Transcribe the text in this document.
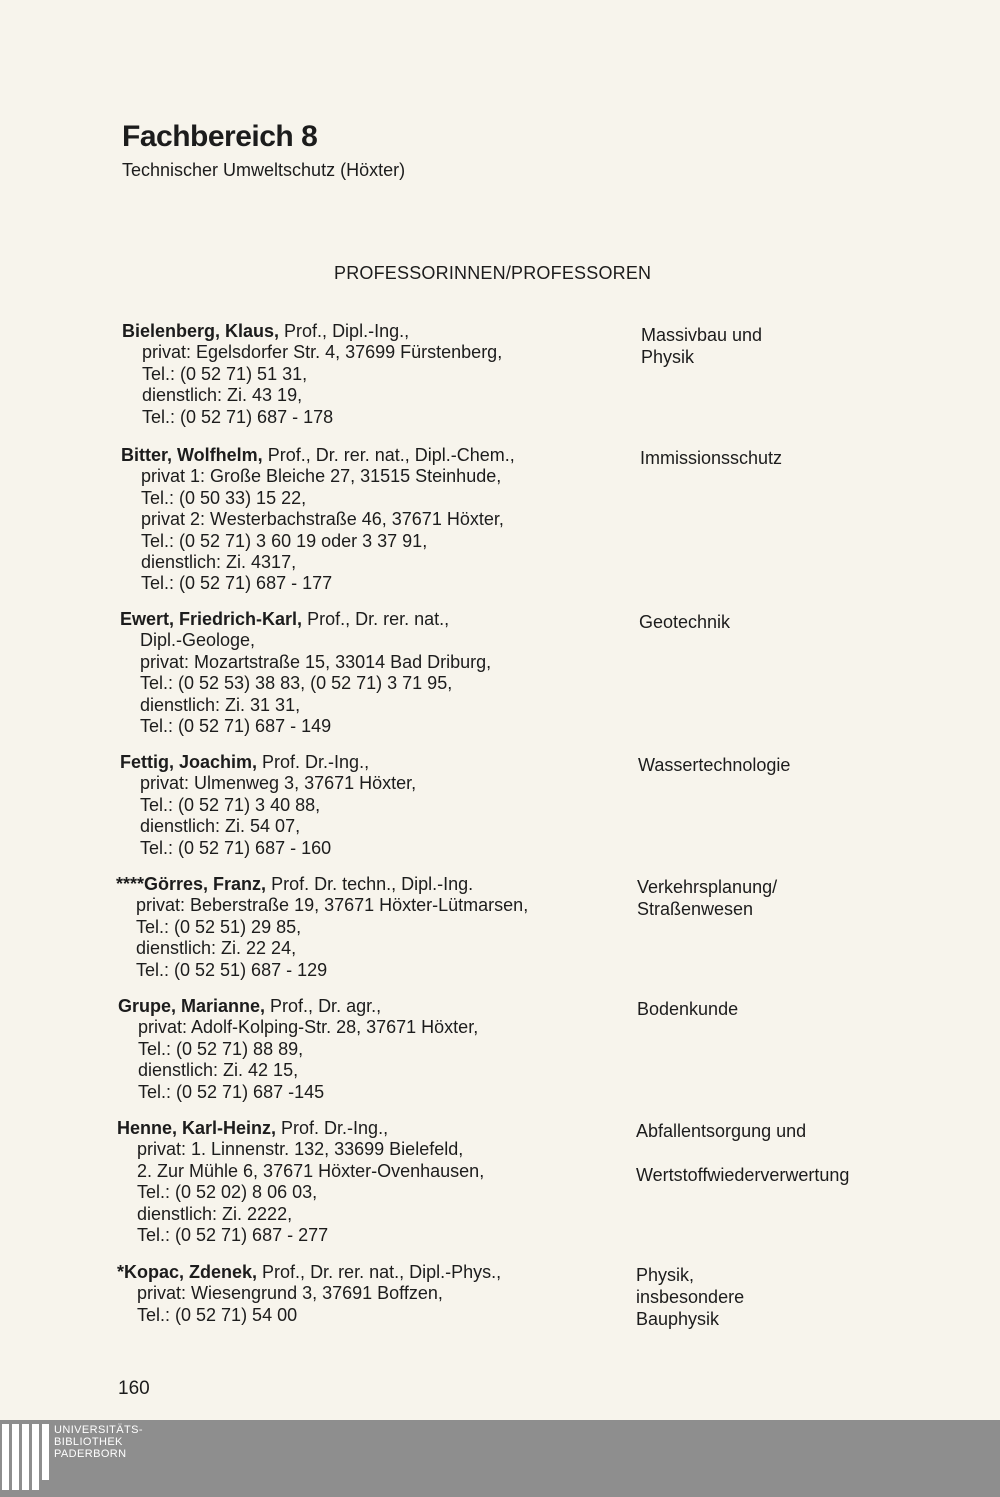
Fachbereich 8
Technischer Umweltschutz (Höxter)
PROFESSORINNEN/PROFESSOREN
Bielenberg, Klaus, Prof., Dipl.-Ing.,
privat: Egelsdorfer Str. 4, 37699 Fürstenberg,
Tel.: (0 52 71) 51 31,
dienstlich: Zi. 43 19,
Tel.: (0 52 71) 687 - 178
Massivbau und
Physik
Bitter, Wolfhelm, Prof., Dr. rer. nat., Dipl.-Chem.,
privat 1: Große Bleiche 27, 31515 Steinhude,
Tel.: (0 50 33) 15 22,
privat 2: Westerbachstraße 46, 37671 Höxter,
Tel.: (0 52 71) 3 60 19 oder 3 37 91,
dienstlich: Zi. 4317,
Tel.: (0 52 71) 687 - 177
Immissionsschutz
Ewert, Friedrich-Karl, Prof., Dr. rer. nat.,
Dipl.-Geologe,
privat: Mozartstraße 15, 33014 Bad Driburg,
Tel.: (0 52 53) 38 83, (0 52 71) 3 71 95,
dienstlich: Zi. 31 31,
Tel.: (0 52 71) 687 - 149
Geotechnik
Fettig, Joachim, Prof. Dr.-Ing.,
privat: Ulmenweg 3, 37671 Höxter,
Tel.: (0 52 71) 3 40 88,
dienstlich: Zi. 54 07,
Tel.: (0 52 71) 687 - 160
Wassertechnologie
****Görres, Franz, Prof. Dr. techn., Dipl.-Ing.
privat: Beberstraße 19, 37671 Höxter-Lütmarsen,
Tel.: (0 52 51) 29 85,
dienstlich: Zi. 22 24,
Tel.: (0 52 51) 687 - 129
Verkehrsplanung/
Straßenwesen
Grupe, Marianne, Prof., Dr. agr.,
privat: Adolf-Kolping-Str. 28, 37671 Höxter,
Tel.: (0 52 71) 88 89,
dienstlich: Zi. 42 15,
Tel.: (0 52 71) 687 -145
Bodenkunde
Henne, Karl-Heinz, Prof. Dr.-Ing.,
privat: 1. Linnenstr. 132, 33699 Bielefeld,
2. Zur Mühle 6, 37671 Höxter-Ovenhausen,
Tel.: (0 52 02) 8 06 03,
dienstlich: Zi. 2222,
Tel.: (0 52 71) 687 - 277
Abfallentsorgung und

Wertstoffwiederverwertung
*Kopac, Zdenek, Prof., Dr. rer. nat., Dipl.-Phys.,
privat: Wiesengrund 3, 37691 Boffzen,
Tel.: (0 52 71) 54 00
Physik,
insbesondere
Bauphysik
160
UNIVERSITÄTS-
BIBLIOTHEK
PADERBORN
